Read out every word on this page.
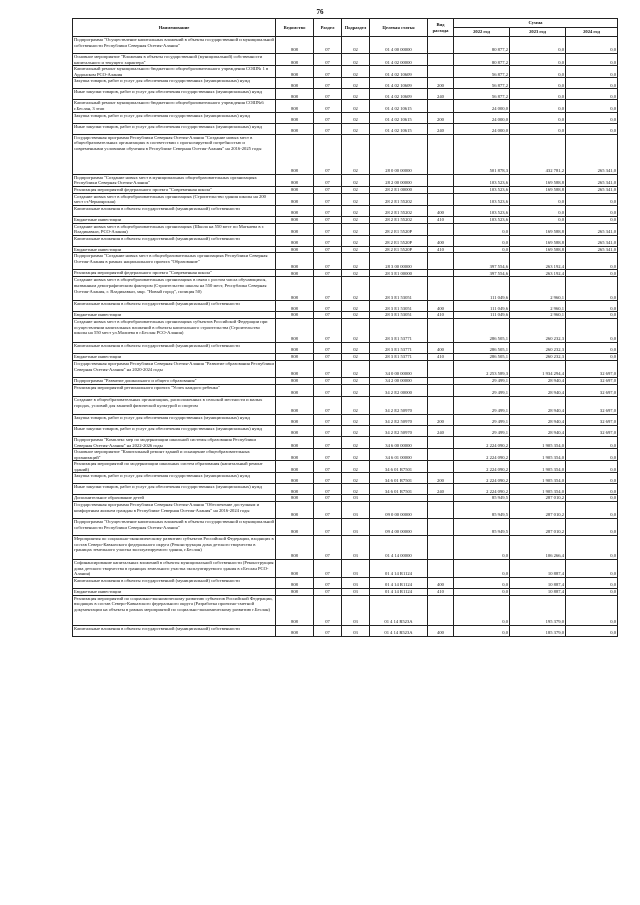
76
Наименование	Ведомство	Раздел	Подраздел	Целевая статья	Вид расхода	Сумма		
						2022 год	2023 год	2024 год
Подпрограмма "Осуществление капитальных вложений в объекты государственной и муниципальной собственности Республики Северная Осетия-Алания"	808	07	02	01 4 00 00000		80 877,2	0,0	0,0
Основное мероприятие "Вложения в объекты государственной (муниципальной) собственности капитального и текущего характера"	808	07	02	01 4 02 00000		80 877,2	0,0	0,0
Капитальный ремонт муниципального бюджетного общеобразовательного учреждения СОШ№ 1 в Ардонском РСО-Алания	808	07	02	01 4 02 10609		56 877,2	0,0	0,0
Закупка товаров, работ и услуг для обеспечения государственных (муниципальных) нужд	808	07	02	01 4 02 10609	200	56 877,2	0,0	0,0
Иные закупки товаров, работ и услуг для обеспечения государственных (муниципальных) нужд	808	07	02	01 4 02 10609	240	56 877,2	0,0	0,0
Капитальный ремонт муниципального бюджетного общеобразовательного учреждения СОШ№6 г.Беслан, 3 этап	808	07	02	01 4 02 10615		24 000,0	0,0	0,0
Закупка товаров, работ и услуг для обеспечения государственных (муниципальных) нужд	808	07	02	01 4 02 10615	200	24 000,0	0,0	0,0
Иные закупки товаров, работ и услуг для обеспечения государственных (муниципальных) нужд	808	07	02	01 4 02 10615	240	24 000,0	0,0	0,0
Государственная программа Республики Северная Осетия-Алания "Создание новых мест в общеобразовательных организациях в соответствии с прогнозируемой потребностью и современными условиями обучения в Республике Северная Осетия-Алания" на 2016-2025 годы	808	07	02	28 0 00 00000		501 878,3	432 781,2	265 341,0
Подпрограмма "Создание новых мест в муниципальных общеобразовательных организациях Республики Северная Осетия-Алания"	808	07	02	28 2 00 00000		103 523,6	169 588,8	265 341,0
Реализация мероприятий федерального проекта "Современная школа"	808	07	02	28 2 E1 00000		103 523,6	169 588,8	265 341,0
Создание новых мест в общеобразовательных организациях (Строительство здания школы на 200 мест ст.Черноярская)	808	07	02	28 2 E1 55202		103 523,6	0,0	0,0
Капитальные вложения в объекты государственной (муниципальной) собственности	808	07	02	28 2 E1 55202	400	103 523,6	0,0	0,0
Бюджетные инвестиции	808	07	02	28 2 E1 55202	410	103 523,6	0,0	0,0
Создание новых мест в общеобразовательных организациях (Школа на 550 мест по Магкаева в г. Владикавказ, РСО-Алания)	808	07	02	28 2 E1 5520Р		0,0	169 588,8	265 341,0
Капитальные вложения в объекты государственной (муниципальной) собственности	808	07	02	28 2 E1 5520Р	400	0,0	169 588,8	265 341,0
Бюджетные инвестиции	808	07	02	28 2 E1 5520Р	410	0,0	169 588,8	265 341,0
Подпрограмма "Создание новых мест в общеобразовательных организациях Республики Северная Осетия-Алания в рамках национального проекта "Образование"	808	07	02	28 3 00 00000		397 554,6	263 192,4	0,0
Реализация мероприятий федерального проекта "Современная школа"	808	07	02	28 3 E1 00000		397 554,6	263 192,4	0,0
Создание новых мест в общеобразовательных организациях в связи с ростом числа обучающихся, вызванным демографическим фактором (Строительство школы на 550 мест, Республика Северная Осетия-Алания, г. Владикавказ, мкр. "Новый город", позиция 50)	808	07	02	28 3 E1 53051		111 049,6	2 960,1	0,0
Капитальные вложения в объекты государственной (муниципальной) собственности	808	07	02	28 3 E1 53051	400	111 049,6	2 960,1	0,0
Бюджетные инвестиции	808	07	02	28 3 E1 53051	410	111 049,6	2 960,1	0,0
Создание новых мест в общеобразовательных организациях субъектов Российской Федерации при осуществлении капитальных вложений в объекты капитального строительства (Строительство школы на 550 мест ул.Малиева в г.Беслан РСО-Алания)	808	07	02	28 3 E1 53771		286 505,1	260 232,3	0,0
Капитальные вложения в объекты государственной (муниципальной) собственности	808	07	02	28 3 E1 53771	400	286 505,1	260 232,3	0,0
Бюджетные инвестиции	808	07	02	28 3 E1 53771	410	286 505,1	260 232,3	0,0
Государственная программа Республики Северная Осетия-Алания "Развитие образования Республики Северная Осетия-Алания" на 2020-2024 годы	808	07	02	34 0 00 00000		2 253 589,3	1 934 294,4	32 697,0
Подпрограмма "Развитие дошкольного и общего образования"	808	07	02	34 2 00 00000		29 499,1	28 940,4	32 697,0
Реализация мероприятий регионального проекта "Успех каждого ребенка"	808	07	02	34 2 E2 00000		29 499,1	28 940,4	32 697,0
Создание в общеобразовательных организациях, расположенных в сельской местности и малых городах, условий для занятий физической культурой и спортом	808	07	02	34 2 E2 50970		29 499,1	28 940,4	32 697,0
Закупка товаров, работ и услуг для обеспечения государственных (муниципальных) нужд	808	07	02	34 2 E2 50970	200	29 499,1	28 940,4	32 697,0
Иные закупки товаров, работ и услуг для обеспечения государственных (муниципальных) нужд	808	07	02	34 2 E2 50970	240	29 499,1	28 940,4	32 697,0
Подпрограмма "Комплекс мер по модернизации школьной системы образования Республики Северная Осетия-Алания" на 2022-2026 годы	808	07	02	34 6 00 00000		2 224 090,2	1 905 354,0	0,0
Основное мероприятие "Капитальный ремонт зданий и оснащение общеобразовательных организаций"	808	07	02	34 6 01 00000		2 224 090,2	1 905 354,0	0,0
Реализация мероприятий по модернизации школьных систем образования (капитальный ремонт зданий)	808	07	02	34 6 01 R7501		2 224 090,2	1 905 354,0	0,0
Закупка товаров, работ и услуг для обеспечения государственных (муниципальных) нужд	808	07	02	34 6 01 R7501	200	2 224 090,2	1 905 354,0	0,0
Иные закупки товаров, работ и услуг для обеспечения государственных (муниципальных) нужд	808	07	02	34 6 01 R7501	240	2 224 090,2	1 905 354,0	0,0
Дополнительное образование детей	808	07	03			85 949,5	287 010,2	0,0
Государственная программа Республики Северная Осетия-Алания "Обеспечение доступным и комфортным жильем граждан в Республике Северная Осетия-Алания" на 2016-2024 годы	808	07	03	09 0 00 00000		85 949,5	287 010,2	0,0
Подпрограмма "Осуществление капитальных вложений в объекты государственной и муниципальной собственности Республики Северная Осетия-Алания"	808	07	03	09 4 00 00000		85 949,5	287 010,2	0,0
Мероприятия по социально-экономическому развитию субъектов Российской Федерации, входящих в состав Северо-Кавказского федерального округа (Реконструкция дома детского творчества в границах земельного участка эксплуатируемого здания, г.Беслан)	808	07	03	01 4 14 00000		0,0	106 266,4	0,0
Софинансирование капитальных вложений в объекты муниципальной собственности (Реконструкция дома детского творчества в границах земельного участка эксплуатируемого здания в г.Беслан РСО-Алания)	808	07	03	01 4 14 R1124		0,0	10 887,4	0,0
Капитальные вложения в объекты государственной (муниципальной) собственности	808	07	03	01 4 14 R1124	400	0,0	10 887,4	0,0
Бюджетные инвестиции	808	07	03	01 4 14 R1124	410	0,0	10 887,4	0,0
Реализация мероприятий по социально-экономическому развитию субъектов Российской Федерации, входящих в состав Северо-Кавказского федерального округа (Разработка проектно-сметной документации на объекты в рамках мероприятий по социально-экономическому развитию г.Беслан)	808	07	03	01 4 14 R523А		0,0	195 379,0	0,0
Капитальные вложения в объекты государственной (муниципальной) собственности	808	07	03	01 4 14 R523А	400	0,0	185 379,0	0,0
